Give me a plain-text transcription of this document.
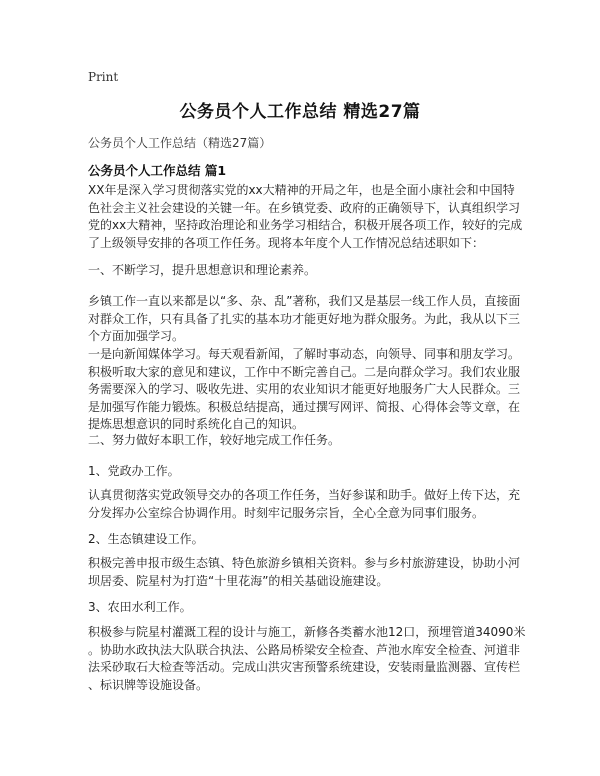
Print
公务员个人工作总结 精选27篇
公务员个人工作总结（精选27篇）
公务员个人工作总结 篇1
XX年是深入学习贯彻落实党的xx大精神的开局之年，也是全面小康社会和中国特
色社会主义社会建设的关键一年。在乡镇党委、政府的正确领导下，认真组织学习
党的xx大精神，坚持政治理论和业务学习相结合，积极开展各项工作，较好的完成
了上级领导安排的各项工作任务。现将本年度个人工作情况总结述职如下：
一、不断学习，提升思想意识和理论素养。
乡镇工作一直以来都是以“多、杂、乱”著称，我们又是基层一线工作人员，直接面
对群众工作，只有具备了扎实的基本功才能更好地为群众服务。为此，我从以下三
个方面加强学习。
一是向新闻媒体学习。每天观看新闻，了解时事动态，向领导、同事和朋友学习。
积极听取大家的意见和建议，工作中不断完善自己。二是向群众学习。我们农业服
务需要深入的学习、吸收先进、实用的农业知识才能更好地服务广大人民群众。三
是加强写作能力锻炼。积极总结提高，通过撰写网评、简报、心得体会等文章，在
提炼思想意识的同时系统化自己的知识。
二、努力做好本职工作，较好地完成工作任务。
1、党政办工作。
认真贯彻落实党政领导交办的各项工作任务，当好参谋和助手。做好上传下达，充
分发挥办公室综合协调作用。时刻牢记服务宗旨，全心全意为同事们服务。
2、生态镇建设工作。
积极完善申报市级生态镇、特色旅游乡镇相关资料。参与乡村旅游建设，协助小河
坝居委、院星村为打造“十里花海”的相关基础设施建设。
3、农田水利工作。
积极参与院星村灌溉工程的设计与施工，新修各类蓄水池12口，预埋管道34090米
。协助水政执法大队联合执法、公路局桥梁安全检查、芦池水库安全检查、河道非
法采砂取石大检查等活动。完成山洪灾害预警系统建设，安装雨量监测器、宣传栏
、标识牌等设施设备。
